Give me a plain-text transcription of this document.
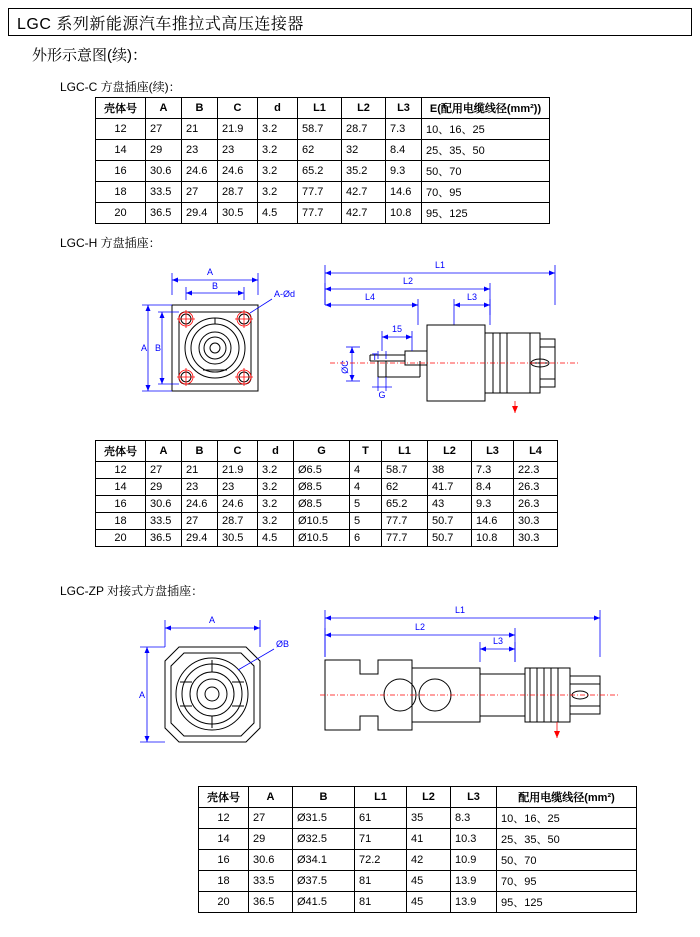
LGC 系列新能源汽车推拉式高压连接器
外形示意图(续)：
LGC-C 方盘插座(续)：
壳体号	A	B	C	d	L1	L2	L3	E(配用电缆线径(mm²))
12	27	21	21.9	3.2	58.7	28.7	7.3	10、16、25
14	29	23	23	3.2	62	32	8.4	25、35、50
16	30.6	24.6	24.6	3.2	65.2	35.2	9.3	50、70
18	33.5	27	28.7	3.2	77.7	42.7	14.6	70、95
20	36.5	29.4	30.5	4.5	77.7	42.7	10.8	95、125
LGC-H 方盘插座：
A
B
A-Ød
A B
L1
L2
L4	L3
15
ØC
T
G
壳体号	A	B	C	d	G	T	L1	L2	L3	L4
12	27	21	21.9	3.2	Ø6.5	4	58.7	38	7.3	22.3
14	29	23	23	3.2	Ø8.5	4	62	41.7	8.4	26.3
16	30.6	24.6	24.6	3.2	Ø8.5	5	65.2	43	9.3	26.3
18	33.5	27	28.7	3.2	Ø10.5	5	77.7	50.7	14.6	30.3
20	36.5	29.4	30.5	4.5	Ø10.5	6	77.7	50.7	10.8	30.3
LGC-ZP 对接式方盘插座：
A
ØB
A
L1
L2
L3
壳体号	A	B	L1	L2	L3	配用电缆线径(mm²)
12	27	Ø31.5	61	35	8.3	10、16、25
14	29	Ø32.5	71	41	10.3	25、35、50
16	30.6	Ø34.1	72.2	42	10.9	50、70
18	33.5	Ø37.5	81	45	13.9	70、95
20	36.5	Ø41.5	81	45	13.9	95、125
